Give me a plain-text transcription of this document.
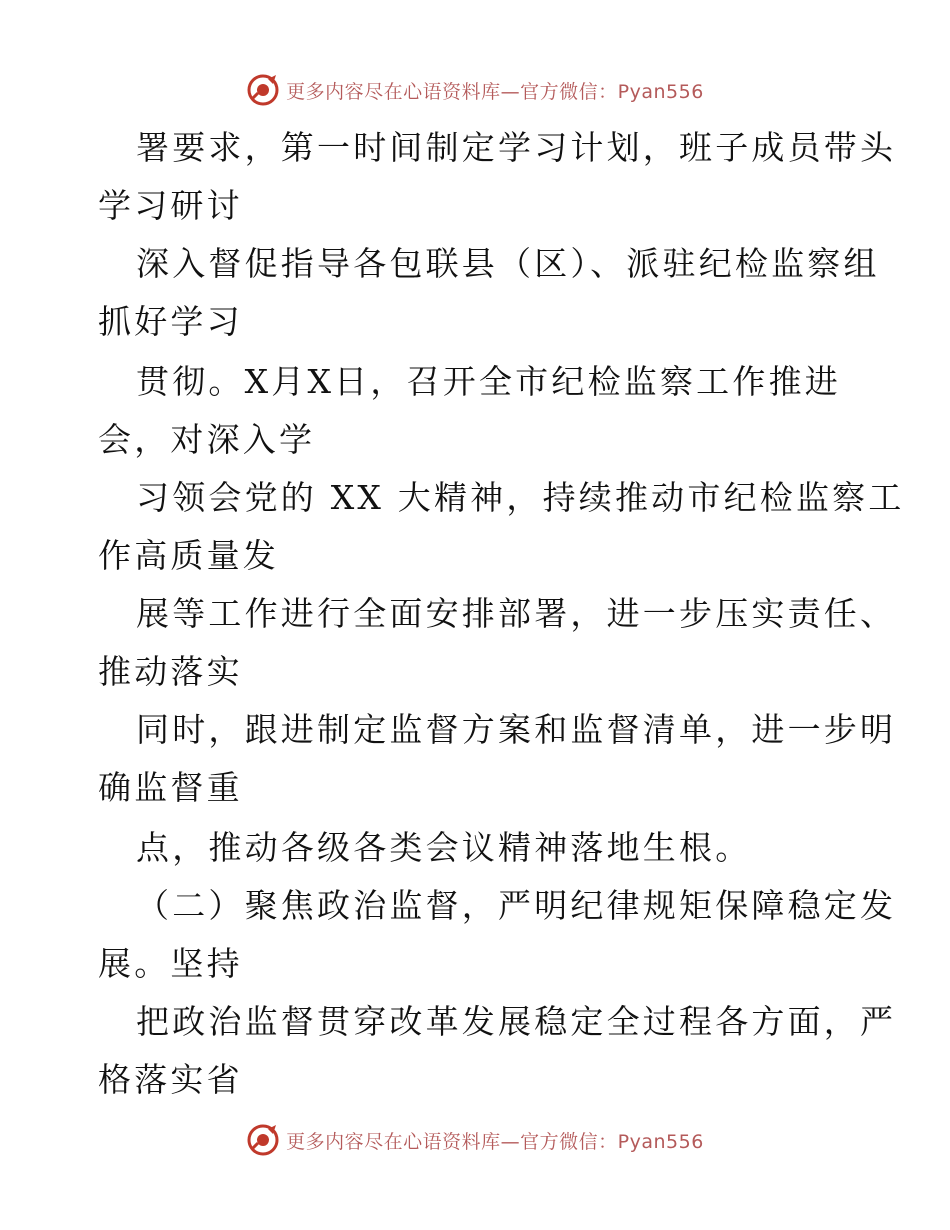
更多内容尽在心语资料库—官方微信：Pyan556
署要求，第一时间制定学习计划，班子成员带头
学习研讨
深入督促指导各包联县（区）、派驻纪检监察组
抓好学习
贯彻。X月X日，召开全市纪检监察工作推进
会，对深入学
习领会党的 XX 大精神，持续推动市纪检监察工
作高质量发
展等工作进行全面安排部署，进一步压实责任、
推动落实
同时，跟进制定监督方案和监督清单，进一步明
确监督重
点，推动各级各类会议精神落地生根。
（二）聚焦政治监督，严明纪律规矩保障稳定发
展。坚持
把政治监督贯穿改革发展稳定全过程各方面，严
格落实省
更多内容尽在心语资料库—官方微信：Pyan556
